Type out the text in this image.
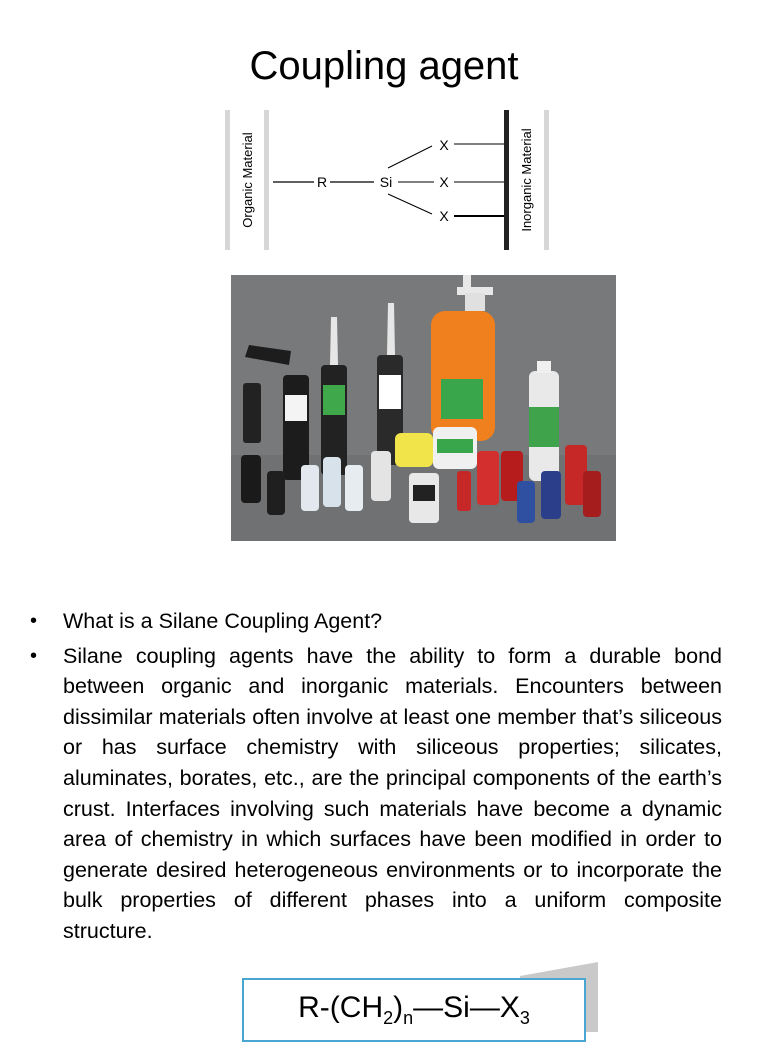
Coupling agent
Organic Material	Inorganic Material
R	Si
X
X
X
•	What is a Silane Coupling Agent?
•	Silane coupling agents have the ability to form a durable bond between organic and inorganic materials. Encounters between dissimilar materials often involve at least one member that’s siliceous or has surface chemistry with siliceous properties; silicates, aluminates, borates, etc., are the principal components of the earth’s crust. Interfaces involving such materials have become a dynamic area of chemistry in which surfaces have been modified in order to generate desired heterogeneous environments or to incorporate the bulk properties of different phases into a uniform composite structure.
$R-(CH_2)_n—Si—X_3$
